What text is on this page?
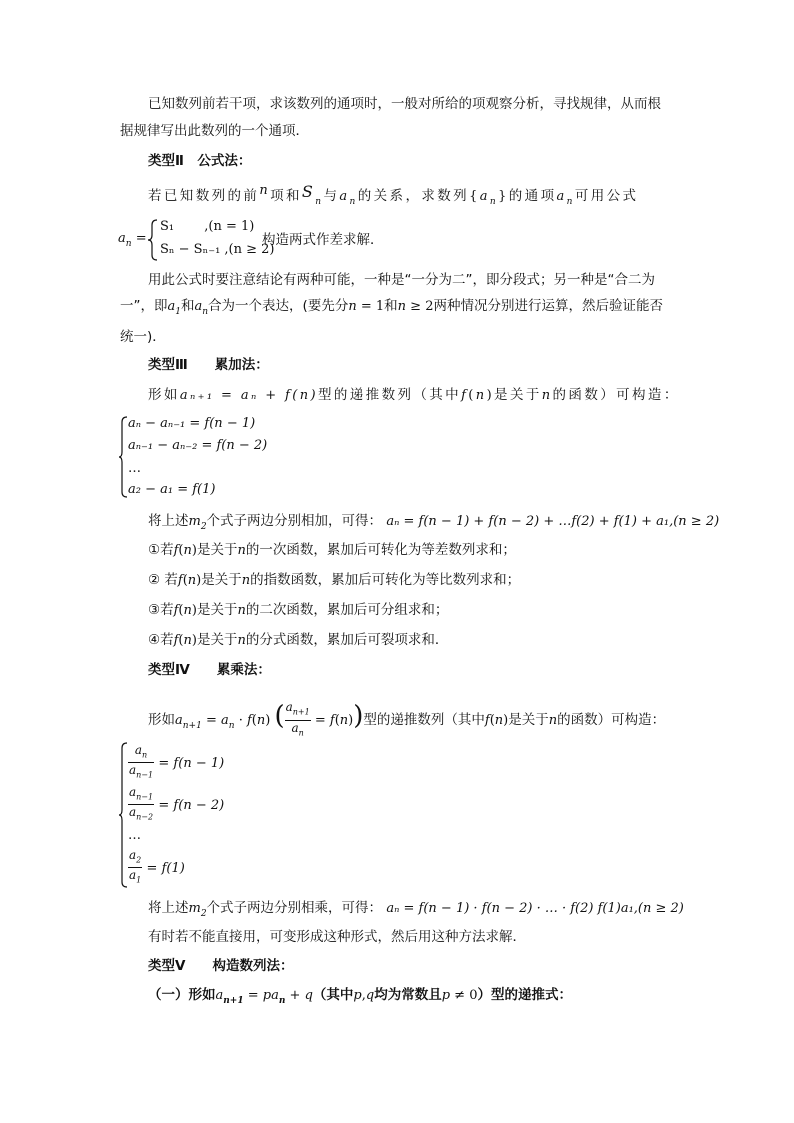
已知数列前若干项，求该数列的通项时，一般对所给的项观察分析，寻找规律，从而根
据规律写出此数列的一个通项．
类型Ⅱ　公式法：
若已知数列的前n项和$S_n$与$a_n$的关系，求数列$\{a_n\}$的通项$a_n$可用公式
$a_n$ =
S₁　　 ,(n = 1)
Sₙ − Sₙ₋₁ ,(n ≥ 2)
构造两式作差求解．
用此公式时要注意结论有两种可能，一种是“一分为二”，即分段式；另一种是“合二为
一”，即$a_1$和$a_n$合为一个表达，(要先分n = 1和n ≥ 2两种情况分别进行运算，然后验证能否
统一)．
类型Ⅲ　　累加法：
形如aₙ₊₁ = aₙ + f(n)型的递推数列（其中f(n)是关于n的函数）可构造：
aₙ − aₙ₋₁ = f(n − 1)
aₙ₋₁ − aₙ₋₂ = f(n − 2)
…
a₂ − a₁ = f(1)
将上述$m_2$个式子两边分别相加，可得： aₙ = f(n − 1) + f(n − 2) + …f(2) + f(1) + a₁,(n ≥ 2)
①若f(n)是关于n的一次函数，累加后可转化为等差数列求和；
② 若f(n)是关于n的指数函数，累加后可转化为等比数列求和；
③若f(n)是关于n的二次函数，累加后可分组求和；
④若f(n)是关于n的分式函数，累加后可裂项求和．
类型Ⅳ　　累乘法：
形如$a_{n+1} = a_n \cdot f(n)$ ( $\frac{a_{n+1}}{a_n} = f(n)$)型的递推数列（其中f(n)是关于n的函数）可构造：
$\frac{a_n}{a_{n-1}} = f(n - 1)$
$\frac{a_{n-1}}{a_{n-2}} = f(n - 2)$
…
$\frac{a_2}{a_1} = f(1)$
将上述$m_2$个式子两边分别相乘，可得： aₙ = f(n − 1) · f(n − 2) · … · f(2) f(1)a₁,(n ≥ 2)
有时若不能直接用，可变形成这种形式，然后用这种方法求解．
类型Ⅴ　　构造数列法：
（一）形如$a_{n+1} = pa_n + q$（其中p,q均为常数且p ≠ 0）型的递推式：
